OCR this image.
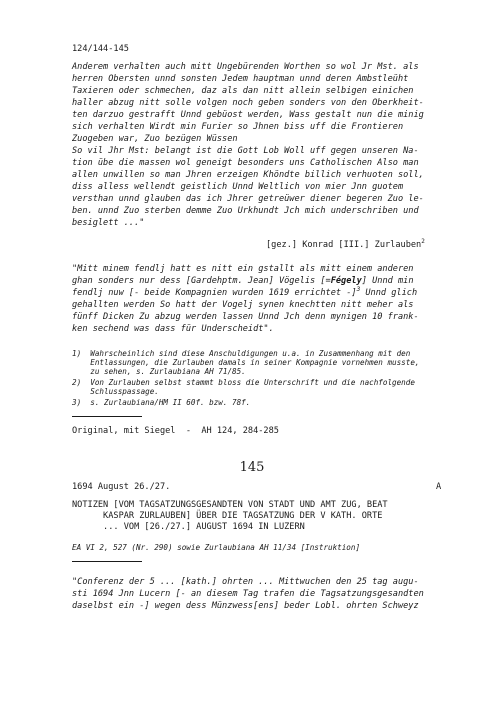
124/144-145
Anderem verhalten auch mitt Ungebürenden Worthen so wol Jr Mst. als
herren Obersten unnd sonsten Jedem hauptman unnd deren Ambstleüht
Taxieren oder schmechen, daz als dan nitt allein selbigen einichen
haller abzug nitt solle volgen noch geben sonders von den Oberkheit-
ten darzuo gestrafft Unnd gebüost werden, Wass gestalt nun die minig
sich verhalten Wirdt min Furier so Jhnen biss uff die Frontieren
Zuogeben war, Zuo bezügen Wüssen
So vil Jhr Mst: belangt ist die Gott Lob Woll uff gegen unseren Na-
tion übe die massen wol geneigt besonders uns Catholischen Also man
allen unwillen so man Jhren erzeigen Khöndte billich verhuoten soll,
diss alless wellendt geistlich Unnd Weltlich von mier Jnn guotem
versthan unnd glauben das ich Jhrer getreüwer diener begeren Zuo le-
ben. unnd Zuo sterben demme Zuo Urkhundt Jch mich underschriben und
besiglett ..."
[gez.] Konrad [III.] Zurlauben$^2$
"Mitt minem fendlj hatt es nitt ein gstallt als mitt einem anderen
ghan sonders nur dess [Gardehptm. Jean] Vögelis [=Fégely] Unnd min
fendlj nuw [- beide Kompagnien wurden 1619 errichtet -]$^3$ Unnd glich
gehallten werden So hatt der Vogelj synen knechtten nitt meher als
fünff Dicken Zu abzug werden lassen Unnd Jch denn mynigen 10 frank-
ken sechend was dass für Underscheidt".
1)  Wahrscheinlich sind diese Anschuldigungen u.a. in Zusammenhang mit den
Entlassungen, die Zurlauben damals in seiner Kompagnie vornehmen musste,
zu sehen, s. Zurlaubiana AH 71/85.
2)  Von Zurlauben selbst stammt bloss die Unterschrift und die nachfolgende
Schlusspassage.
3)  s. Zurlaubiana/HM II 60f. bzw. 78f.
Original, mit Siegel  -  AH 124, 284-285
145
1694 August 26./27.	A
NOTIZEN [VOM TAGSATZUNGSGESANDTEN VON STADT UND AMT ZUG, BEAT
KASPAR ZURLAUBEN] ÜBER DIE TAGSATZUNG DER V KATH. ORTE
... VOM [26./27.] AUGUST 1694 IN LUZERN
EA VI 2, 527 (Nr. 290) sowie Zurlaubiana AH 11/34 [Instruktion]
"Conferenz der 5 ... [kath.] ohrten ... Mittwuchen den 25 tag augu-
sti 1694 Jnn Lucern [- an diesem Tag trafen die Tagsatzungsgesandten
daselbst ein -] wegen dess Münzwess[ens] beder Lobl. ohrten Schweyz
